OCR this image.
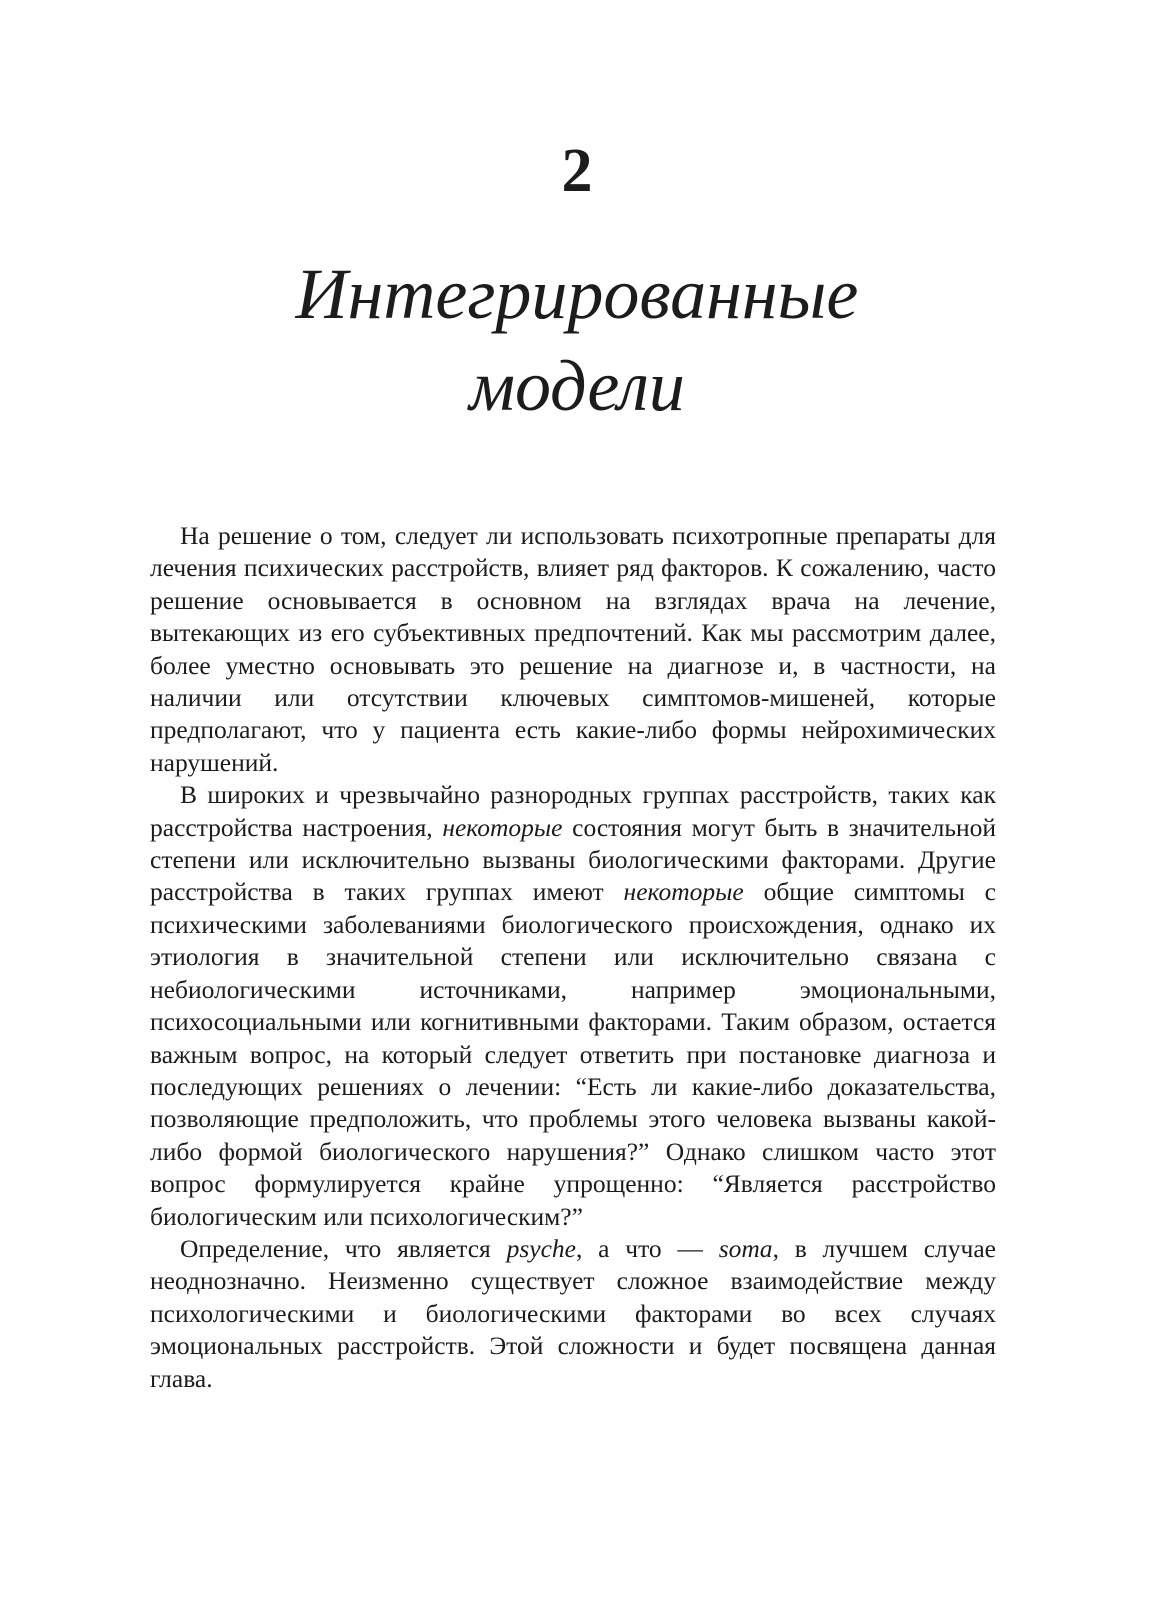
2
Интегрированные
модели

На решение о том, следует ли использовать психотропные препараты для лечения психических расстройств, влияет ряд факторов. К сожалению, часто решение основывается в основном на взглядах врача на лечение, вытекающих из его субъективных предпочтений. Как мы рассмотрим далее, более уместно основывать это решение на диагнозе и, в частности, на наличии или отсутствии ключевых симптомов-мишеней, которые предполагают, что у пациента есть какие-либо формы нейрохимических нарушений.

В широких и чрезвычайно разнородных группах расстройств, таких как расстройства настроения, некоторые состояния могут быть в значительной степени или исключительно вызваны биологическими факторами. Другие расстройства в таких группах имеют некоторые общие симптомы с психическими заболеваниями биологического происхождения, однако их этиология в значительной степени или исключительно связана с небиологическими источниками, например эмоциональными, психосоциальными или когнитивными факторами. Таким образом, остается важным вопрос, на который следует ответить при постановке диагноза и последующих решениях о лечении: “Есть ли какие-либо доказательства, позволяющие предположить, что проблемы этого человека вызваны какой-либо формой биологического нарушения?” Однако слишком часто этот вопрос формулируется крайне упрощенно: “Является расстройство биологическим или психологическим?”

Определение, что является psyche, а что — soma, в лучшем случае неоднозначно. Неизменно существует сложное взаимодействие между психологическими и биологическими факторами во всех случаях эмоциональных расстройств. Этой сложности и будет посвящена данная глава.
